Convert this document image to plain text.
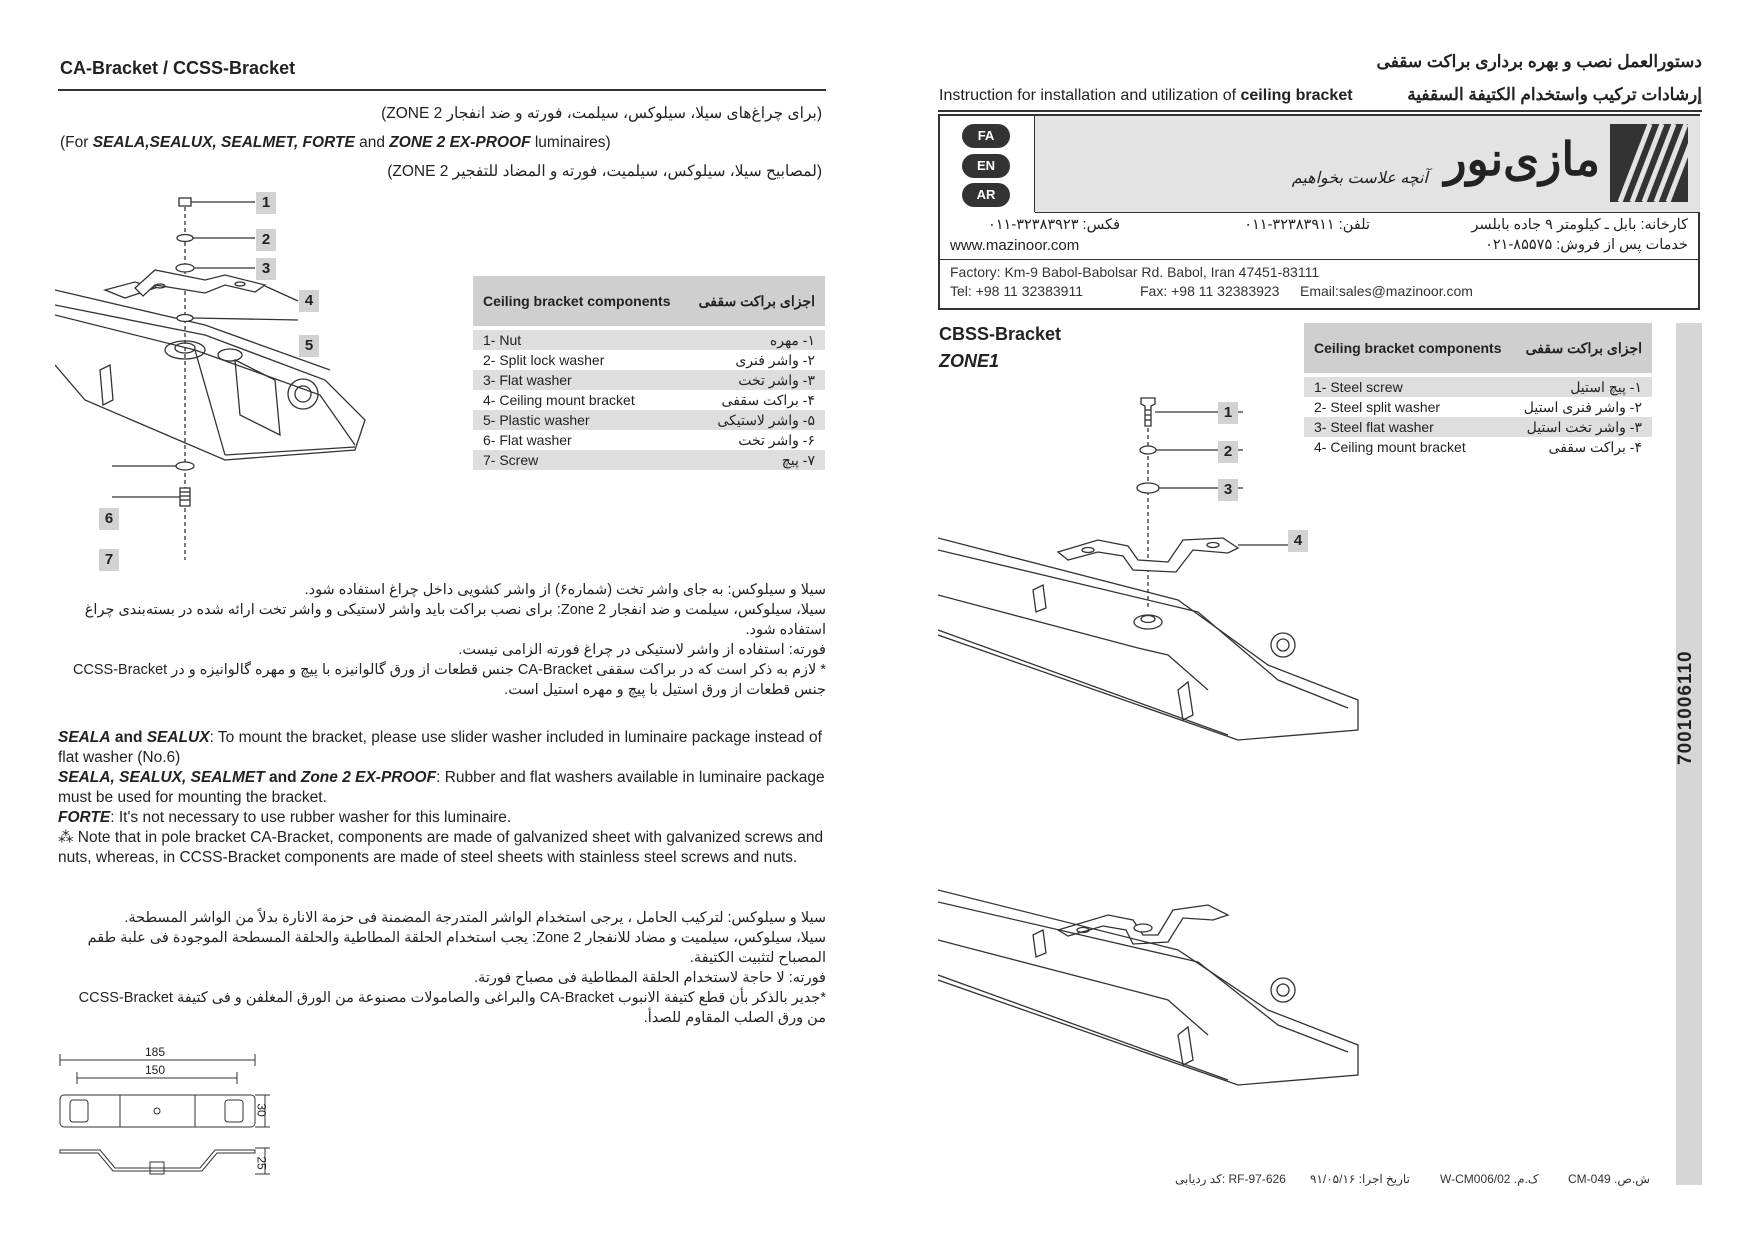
CA-Bracket / CCSS-Bracket
(برای چراغ‌های سیلا، سیلوکس، سیلمت، فورته و ضد انفجار ZONE 2)
(For SEALA,SEALUX, SEALMET, FORTE and ZONE 2 EX-PROOF luminaires)
(لمصابیح سیلا، سیلوکس، سیلمیت، فورته و المضاد للتفجیر ZONE 2)
1
2
3
4
5
6
7
Ceiling bracket components اجزای براکت سقفی
1- Nut	۱- مهره
2- Split lock washer	۲- واشر فنری
3- Flat washer	۳- واشر تخت
4- Ceiling mount bracket	۴- براکت سقفی
5- Plastic washer	۵- واشر لاستیکی
6- Flat washer	۶- واشر تخت
7- Screw	۷- پیچ

سیلا و سیلوکس: به جای واشر تخت (شماره۶) از واشر کشویی داخل چراغ استفاده شود.

سیلا، سیلوکس، سیلمت و ضد انفجار Zone 2: برای نصب براکت باید واشر لاستیکی و واشر تخت ارائه شده در بسته‌بندی چراغ استفاده شود.

فورته: استفاده از واشر لاستیکی در چراغ فورته الزامی نیست.

* لازم به ذکر است که در براکت سقفی CA-Bracket جنس قطعات از ورق گالوانیزه با پیچ و مهره گالوانیزه و در CCSS-Bracket جنس قطعات از ورق استیل با پیچ و مهره استیل است.

SEALA and SEALUX: To mount the bracket, please use slider washer included in luminaire package instead of flat washer (No.6)

SEALA, SEALUX, SEALMET and Zone 2 EX-PROOF: Rubber and flat washers available in luminaire package must be used for mounting the bracket.

FORTE: It's not necessary to use rubber washer for this luminaire.

⁂ Note that in pole bracket CA-Bracket, components are made of galvanized sheet with galvanized screws and nuts, whereas, in CCSS-Bracket components are made of steel sheets with stainless steel screws and nuts.

سیلا و سیلوکس: لترکیب الحامل ، یرجی استخدام الواشر المتدرجة المضمنة فی حزمة الانارة بدلاً من الواشر المسطحة.

سیلا، سیلوکس، سیلمیت و مضاد للانفجار Zone 2: یجب استخدام الحلقة المطاطیة والحلقة المسطحة الموجودة فی علبة طقم المصباح لتثبیت الکتیفة.

فورته: لا حاجة لاستخدام الحلقة المطاطیة فی مصباح فورتة.

*جدیر بالذکر بأن قطع کتیفة الانبوب CA-Bracket والبراغی والصامولات مصنوعة من الورق المغلفن و فی کتیفة CCSS-Bracket من ورق الصلب المقاوم للصدأ.

185
150
30
25
دستورالعمل نصب و بهره برداری براکت سقفی
Instruction for installation and utilization of ceiling bracket	إرشادات ترکیب واستخدام الکتیفة السقفیة
FA
EN
AR
مازی‌نور
آنچه علاست بخواهیم
کارخانه: بابل ـ کیلومتر ۹ جاده بابلسر
خدمات پس از فروش: ۸۵۵۷۵-۰۲۱
تلفن: ۳۲۳۸۳۹۱۱-۰۱۱
فکس: ۳۲۳۸۳۹۲۳-۰۱۱
www.mazinoor.com
Factory: Km-9 Babol-Babolsar Rd. Babol, Iran 47451-83111
Tel: +98 11 32383911	Fax: +98 11 32383923 Email:sales@mazinoor.com
CBSS-Bracket
ZONE1
Ceiling bracket components اجزای براکت سقفی
1- Steel screw	۱- پیچ استیل
2- Steel split washer	۲- واشر فنری استیل
3- Steel flat washer	۳- واشر تخت استیل
4- Ceiling mount bracket	۴- براکت سقفی
1
2
3
4
7001006110
کد ردیابی: RF-97-626 تاریخ اجرا: ۹۱/۰۵/۱۶	ک.م. W-CM006/02 ش.ص. CM-049
